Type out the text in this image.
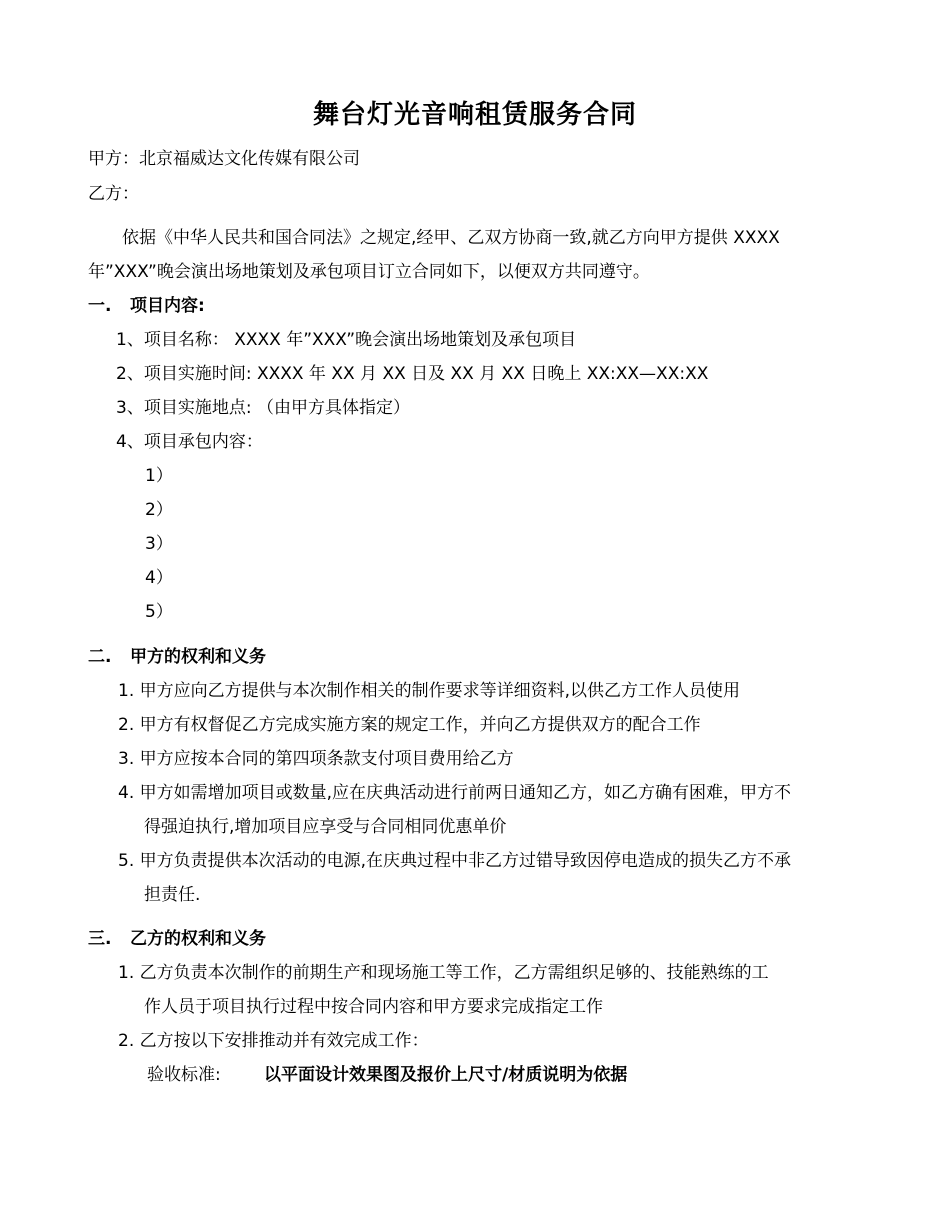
舞台灯光音响租赁服务合同
甲方：北京福威达文化传媒有限公司
乙方：
依据《中华人民共和国合同法》之规定,经甲、乙双方协商一致,就乙方向甲方提供 XXXX
年”XXX”晚会演出场地策划及承包项目订立合同如下，以便双方共同遵守。
一. 项目内容:
1、项目名称： XXXX 年”XXX”晚会演出场地策划及承包项目
2、项目实施时间: XXXX 年 XX 月 XX 日及 XX 月 XX 日晚上 XX:XX—XX:XX
3、项目实施地点: （由甲方具体指定）
4、项目承包内容：
1）
2）
3）
4）
5）
二. 甲方的权利和义务
1. 甲方应向乙方提供与本次制作相关的制作要求等详细资料,以供乙方工作人员使用
2. 甲方有权督促乙方完成实施方案的规定工作，并向乙方提供双方的配合工作
3. 甲方应按本合同的第四项条款支付项目费用给乙方
4. 甲方如需增加项目或数量,应在庆典活动进行前两日通知乙方，如乙方确有困难，甲方不
得强迫执行,增加项目应享受与合同相同优惠单价
5. 甲方负责提供本次活动的电源,在庆典过程中非乙方过错导致因停电造成的损失乙方不承
担责任.
三. 乙方的权利和义务
1. 乙方负责本次制作的前期生产和现场施工等工作，乙方需组织足够的、技能熟练的工
作人员于项目执行过程中按合同内容和甲方要求完成指定工作
2. 乙方按以下安排推动并有效完成工作：
验收标准:	以平面设计效果图及报价上尺寸/材质说明为依据
